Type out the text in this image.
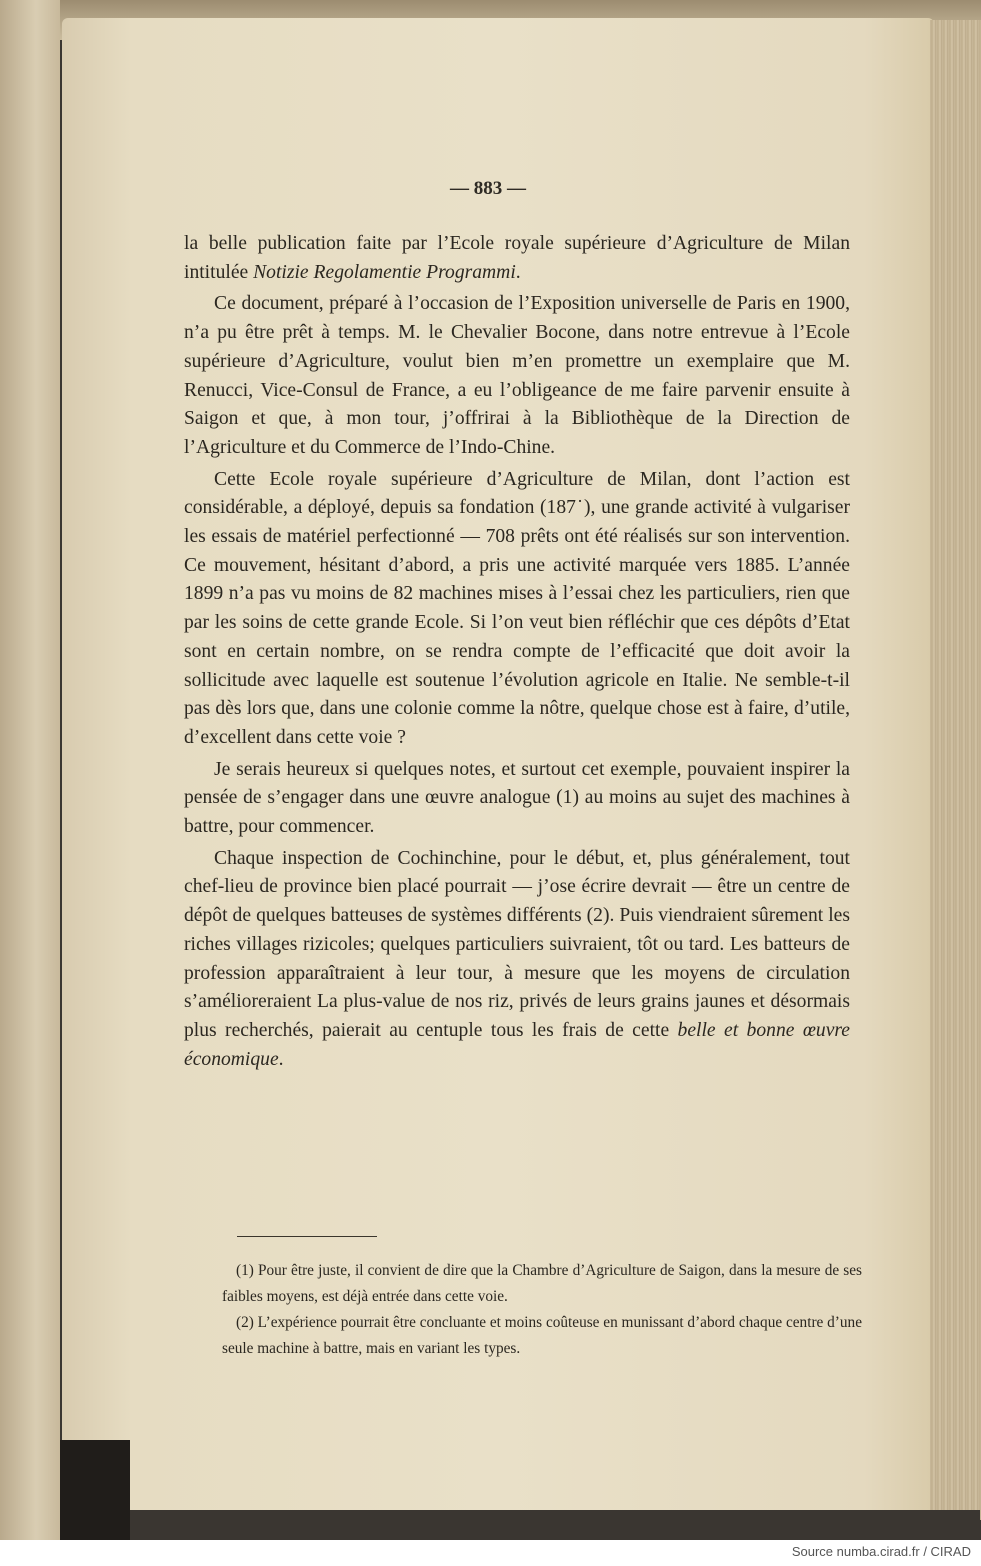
— 883 —

la belle publication faite par l’Ecole royale supérieure d’Agriculture de Milan intitulée Notizie Regolamentie Programmi.

Ce document, préparé à l’occasion de l’Exposition universelle de Paris en 1900, n’a pu être prêt à temps. M. le Chevalier Bocone, dans notre entrevue à l’Ecole supérieure d’Agriculture, voulut bien m’en promettre un exemplaire que M. Renucci, Vice-Consul de France, a eu l’obligeance de me faire parvenir ensuite à Saigon et que, à mon tour, j’offrirai à la Bibliothèque de la Direction de l’Agriculture et du Commerce de l’Indo-Chine.

Cette Ecole royale supérieure d’Agriculture de Milan, dont l’action est considérable, a déployé, depuis sa fondation (187˙), une grande activité à vulgariser les essais de matériel perfectionné — 708 prêts ont été réalisés sur son intervention. Ce mouvement, hésitant d’abord, a pris une activité marquée vers 1885. L’année 1899 n’a pas vu moins de 82 machines mises à l’essai chez les particuliers, rien que par les soins de cette grande Ecole. Si l’on veut bien réfléchir que ces dépôts d’Etat sont en certain nombre, on se rendra compte de l’efficacité que doit avoir la sollicitude avec laquelle est soutenue l’évolution agricole en Italie. Ne semble-t-il pas dès lors que, dans une colonie comme la nôtre, quelque chose est à faire, d’utile, d’excellent dans cette voie ?

Je serais heureux si quelques notes, et surtout cet exemple, pouvaient inspirer la pensée de s’engager dans une œuvre analogue (1) au moins au sujet des machines à battre, pour commencer.

Chaque inspection de Cochinchine, pour le début, et, plus généralement, tout chef-lieu de province bien placé pourrait — j’ose écrire devrait — être un centre de dépôt de quelques batteuses de systèmes différents (2). Puis viendraient sûrement les riches villages rizicoles; quelques particuliers suivraient, tôt ou tard. Les batteurs de profession apparaîtraient à leur tour, à mesure que les moyens de circulation s’amélioreraient La plus-value de nos riz, privés de leurs grains jaunes et désormais plus recherchés, paierait au centuple tous les frais de cette belle et bonne œuvre économique.

(1) Pour être juste, il convient de dire que la Chambre d’Agriculture de Saigon, dans la mesure de ses faibles moyens, est déjà entrée dans cette voie.

(2) L’expérience pourrait être concluante et moins coûteuse en munissant d’abord chaque centre d’une seule machine à battre, mais en variant les types.

Source numba.cirad.fr / CIRAD
